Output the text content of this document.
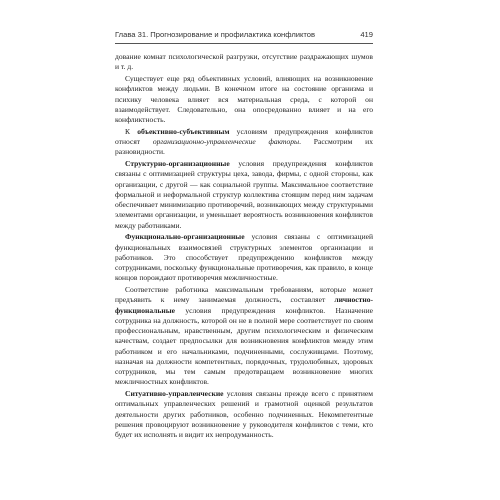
Глава 31. Прогнозирование и профилактика конфликтов	419

дование комнат психологической разгрузки, отсутствие раздражающих шумов и т. д.

Существует еще ряд объективных условий, влияющих на возникновение конфликтов между людьми. В конечном итоге на состояние организма и психику человека влияет вся материальная среда, с которой он взаимодействует. Следовательно, она опосредованно влияет и на его конфликтность.

К объективно-субъективным условиям предупреждения конфликтов относят организационно-управленческие факторы. Рассмотрим их разновидности.

Структурно-организационные условия предупреждения конфликтов связаны с оптимизацией структуры цеха, завода, фирмы, с одной стороны, как организации, с другой — как социальной группы. Максимальное соответствие формальной и неформальной структур коллектива стоящим перед ним задачам обеспечивает минимизацию противоречий, возникающих между структурными элементами организации, и уменьшает вероятность возникновения конфликтов между работниками.

Функционально-организационные условия связаны с оптимизацией функциональных взаимосвязей структурных элементов организации и работников. Это способствует предупреждению конфликтов между сотрудниками, поскольку функциональные противоречия, как правило, в конце концов порождают противоречия межличностные.

Соответствие работника максимальным требованиям, которые может предъявить к нему занимаемая должность, составляет личностно-функциональные условия предупреждения конфликтов. Назначение сотрудника на должность, которой он не в полной мере соответствует по своим профессиональным, нравственным, другим психологическим и физическим качествам, создает предпосылки для возникновения конфликтов между этим работником и его начальниками, подчиненными, сослуживцами. Поэтому, назначая на должности компетентных, порядочных, трудолюбивых, здоровых сотрудников, мы тем самым предотвращаем возникновение многих межличностных конфликтов.

Ситуативно-управленческие условия связаны прежде всего с принятием оптимальных управленческих решений и грамотной оценкой результатов деятельности других работников, особенно подчиненных. Некомпетентные решения провоцируют возникновение у руководителя конфликтов с теми, кто будет их исполнять и видит их непродуманность.
